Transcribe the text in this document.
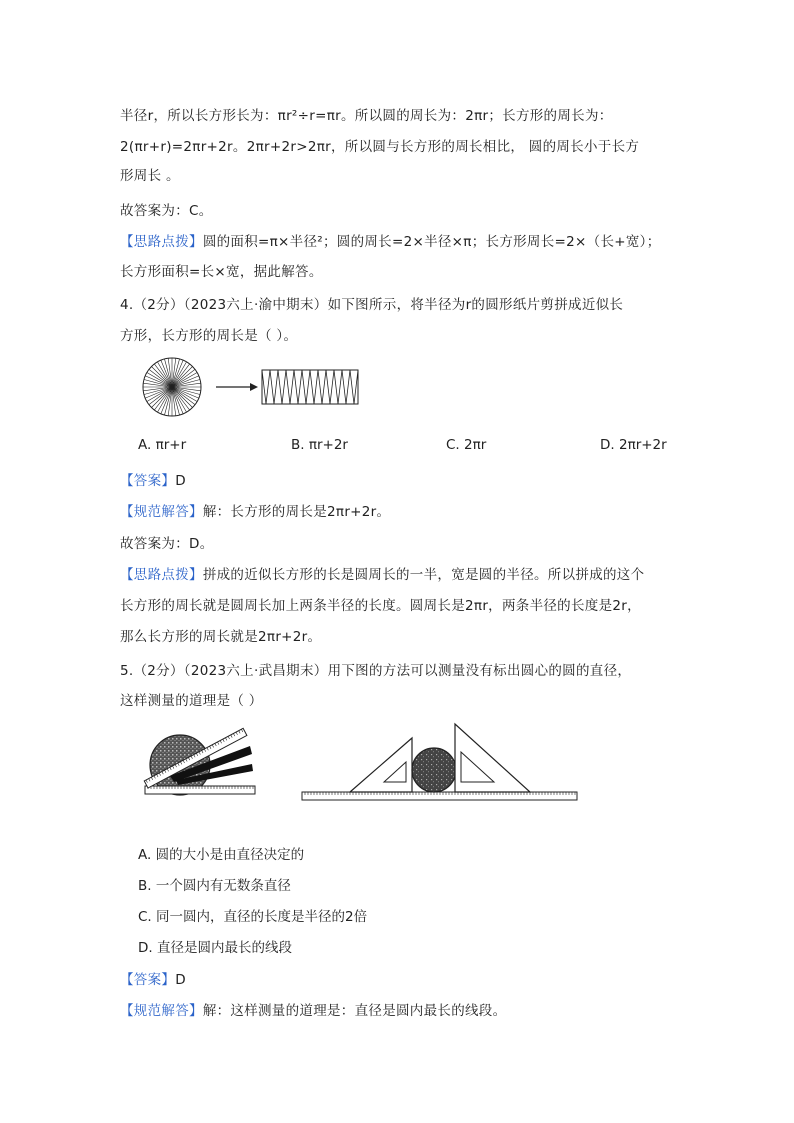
半径r，所以长方形长为：πr²÷r=πr。所以圆的周长为：2πr；长方形的周长为：
2(πr+r)=2πr+2r。2πr+2r>2πr，所以圆与长方形的周长相比， 圆的周长小于长方
形周长 。
故答案为：C。
【思路点拨】圆的面积=π×半径²；圆的周长=2×半径×π；长方形周长=2×（长+宽）；
长方形面积=长×宽，据此解答。
4.（2分）（2023六上·渝中期末）如下图所示，将半径为r的圆形纸片剪拼成近似长
方形，长方形的周长是（ ）。
A. πr+r	B. πr+2r	C. 2πr	D. 2πr+2r
【答案】D
【规范解答】解：长方形的周长是2πr+2r。
故答案为：D。
【思路点拨】拼成的近似长方形的长是圆周长的一半，宽是圆的半径。所以拼成的这个
长方形的周长就是圆周长加上两条半径的长度。圆周长是2πr，两条半径的长度是2r，
那么长方形的周长就是2πr+2r。
5.（2分）（2023六上·武昌期末）用下图的方法可以测量没有标出圆心的圆的直径，
这样测量的道理是（ ）
A. 圆的大小是由直径决定的
B. 一个圆内有无数条直径
C. 同一圆内，直径的长度是半径的2倍
D. 直径是圆内最长的线段
【答案】D
【规范解答】解：这样测量的道理是：直径是圆内最长的线段。
